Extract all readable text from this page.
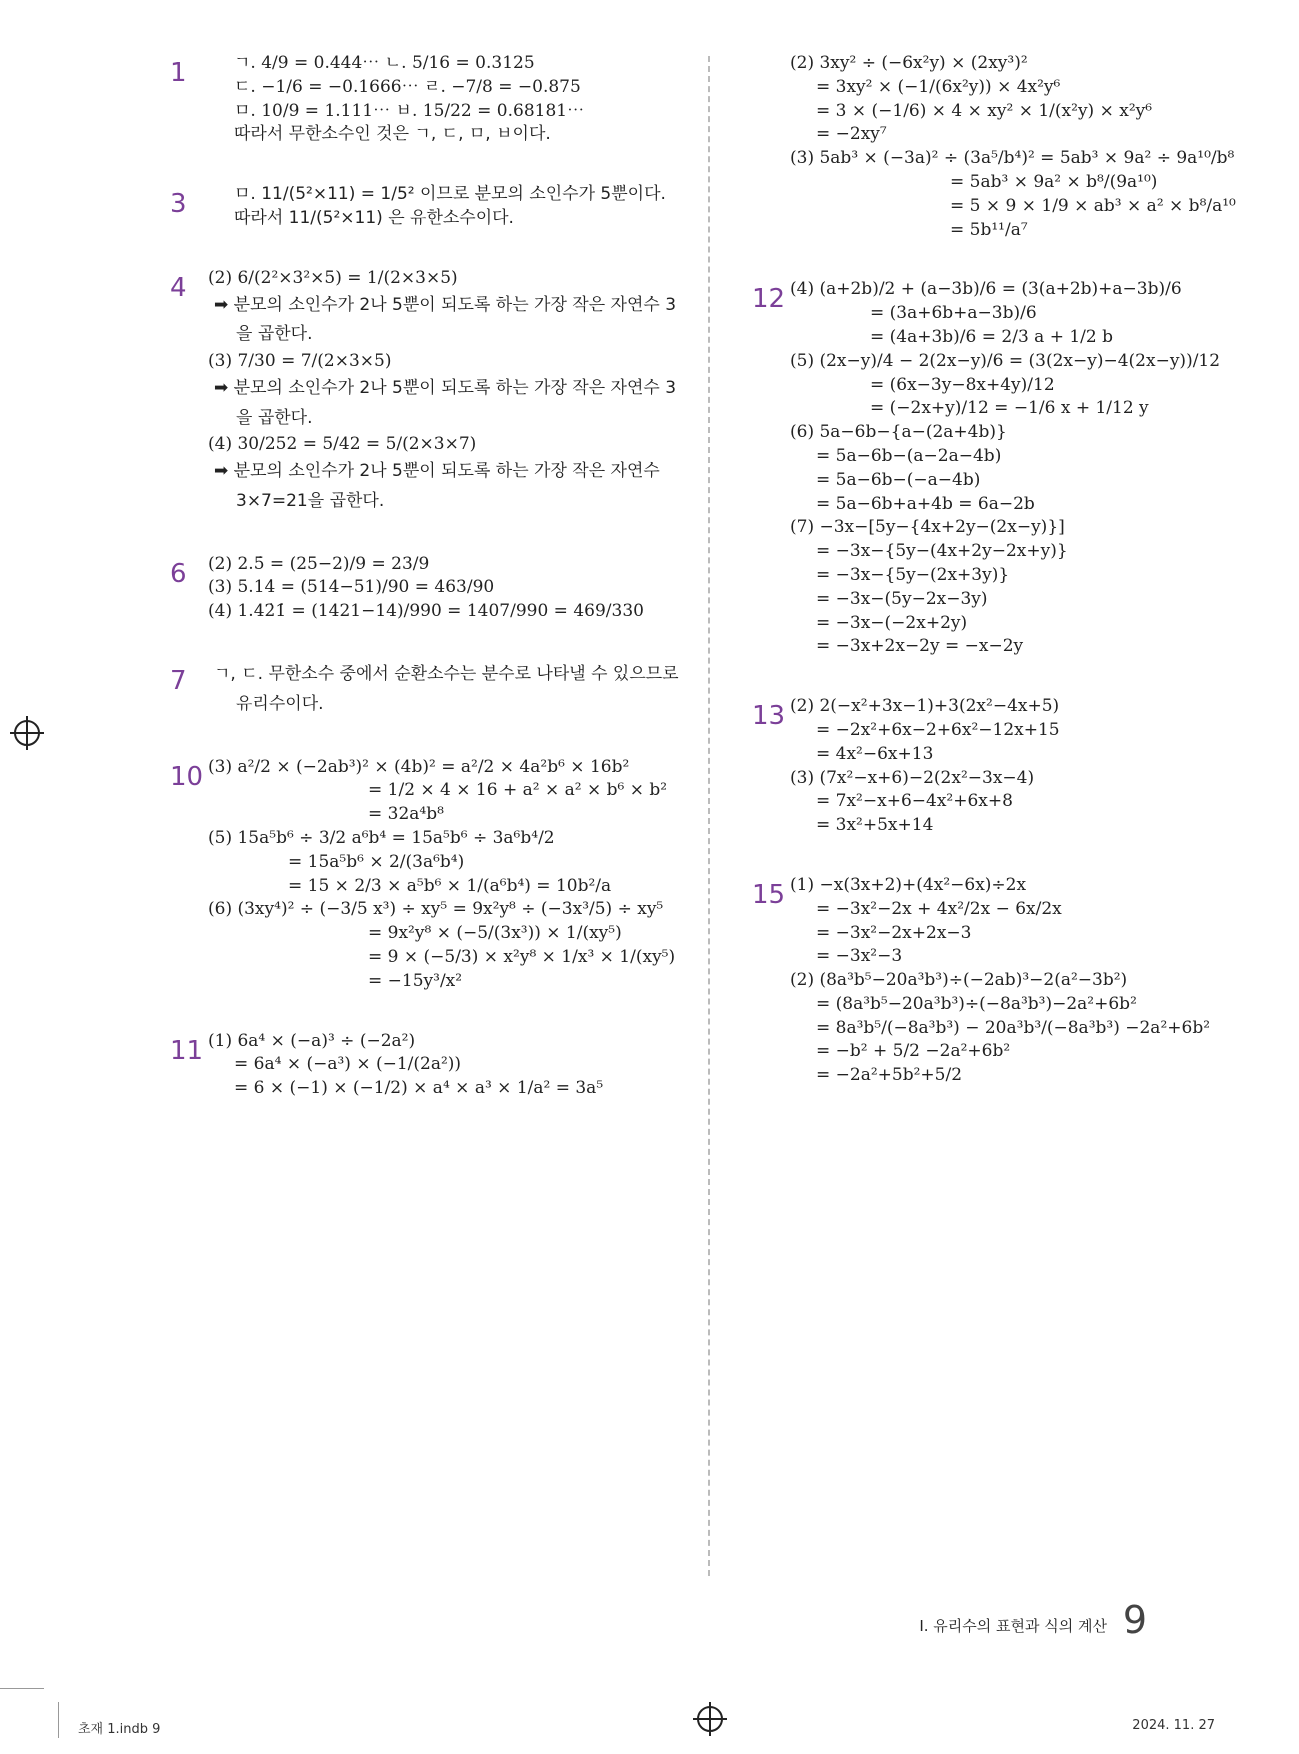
1	ㄱ. 4/9 = 0.444⋯ ㄴ. 5/16 = 0.3125
ㄷ. −1/6 = −0.1666⋯ ㄹ. −7/8 = −0.875
ㅁ. 10/9 = 1.111⋯ ㅂ. 15/22 = 0.68181⋯
따라서 무한소수인 것은 ㄱ, ㄷ, ㅁ, ㅂ이다.
3	ㅁ. 11/(5²×11) = 1/5² 이므로 분모의 소인수가 5뿐이다.
따라서 11/(5²×11) 은 유한소수이다.
4 (2) 6/(2²×3²×5) = 1/(2×3×5)
➡ 분모의 소인수가 2나 5뿐이 되도록 하는 가장 작은 자연수 3을 곱한다.
(3) 7/30 = 7/(2×3×5)
➡ 분모의 소인수가 2나 5뿐이 되도록 하는 가장 작은 자연수 3을 곱한다.
(4) 30/252 = 5/42 = 5/(2×3×7)
➡ 분모의 소인수가 2나 5뿐이 되도록 하는 가장 작은 자연수 3×7=21을 곱한다.
6 (2) 2.5̇ = (25−2)/9 = 23/9
(3) 5.14̇ = (514−51)/90 = 463/90
(4) 1.42̇1̇ = (1421−14)/990 = 1407/990 = 469/330
7	ㄱ, ㄷ. 무한소수 중에서 순환소수는 분수로 나타낼 수 있으므로 유리수이다.
10 (3) a²/2 × (−2ab³)² × (4b)² = a²/2 × 4a²b⁶ × 16b²
= 1/2 × 4 × 16 + a² × a² × b⁶ × b²
= 32a⁴b⁸
(5) 15a⁵b⁶ ÷ 3/2 a⁶b⁴ = 15a⁵b⁶ ÷ 3a⁶b⁴/2
= 15a⁵b⁶ × 2/(3a⁶b⁴)
= 15 × 2/3 × a⁵b⁶ × 1/(a⁶b⁴) = 10b²/a
(6) (3xy⁴)² ÷ (−3/5 x³) ÷ xy⁵ = 9x²y⁸ ÷ (−3x³/5) ÷ xy⁵
= 9x²y⁸ × (−5/(3x³)) × 1/(xy⁵)
= 9 × (−5/3) × x²y⁸ × 1/x³ × 1/(xy⁵)
= −15y³/x²
11 (1) 6a⁴ × (−a)³ ÷ (−2a²)
= 6a⁴ × (−a³) × (−1/(2a²))
= 6 × (−1) × (−1/2) × a⁴ × a³ × 1/a² = 3a⁵
(2) 3xy² ÷ (−6x²y) × (2xy³)²
= 3xy² × (−1/(6x²y)) × 4x²y⁶
= 3 × (−1/6) × 4 × xy² × 1/(x²y) × x²y⁶
= −2xy⁷
(3) 5ab³ × (−3a)² ÷ (3a⁵/b⁴)² = 5ab³ × 9a² ÷ 9a¹⁰/b⁸
= 5ab³ × 9a² × b⁸/(9a¹⁰)
= 5 × 9 × 1/9 × ab³ × a² × b⁸/a¹⁰
= 5b¹¹/a⁷
12 (4) (a+2b)/2 + (a−3b)/6 = (3(a+2b)+a−3b)/6
= (3a+6b+a−3b)/6
= (4a+3b)/6 = 2/3 a + 1/2 b
(5) (2x−y)/4 − 2(2x−y)/6 = (3(2x−y)−4(2x−y))/12
= (6x−3y−8x+4y)/12
= (−2x+y)/12 = −1/6 x + 1/12 y
(6) 5a−6b−{a−(2a+4b)}
= 5a−6b−(a−2a−4b)
= 5a−6b−(−a−4b)
= 5a−6b+a+4b = 6a−2b
(7) −3x−[5y−{4x+2y−(2x−y)}]
= −3x−{5y−(4x+2y−2x+y)}
= −3x−{5y−(2x+3y)}
= −3x−(5y−2x−3y)
= −3x−(−2x+2y)
= −3x+2x−2y = −x−2y
13 (2) 2(−x²+3x−1)+3(2x²−4x+5)
= −2x²+6x−2+6x²−12x+15
= 4x²−6x+13
(3) (7x²−x+6)−2(2x²−3x−4)
= 7x²−x+6−4x²+6x+8
= 3x²+5x+14
15 (1) −x(3x+2)+(4x²−6x)÷2x
= −3x²−2x + 4x²/2x − 6x/2x
= −3x²−2x+2x−3
= −3x²−3
(2) (8a³b⁵−20a³b³)÷(−2ab)³−2(a²−3b²)
= (8a³b⁵−20a³b³)÷(−8a³b³)−2a²+6b²
= 8a³b⁵/(−8a³b³) − 20a³b³/(−8a³b³) −2a²+6b²
= −b² + 5/2 −2a²+6b²
= −2a²+5b²+5/2
Ⅰ. 유리수의 표현과 식의 계산 9
초재 1.indb 9	2024. 11. 27
